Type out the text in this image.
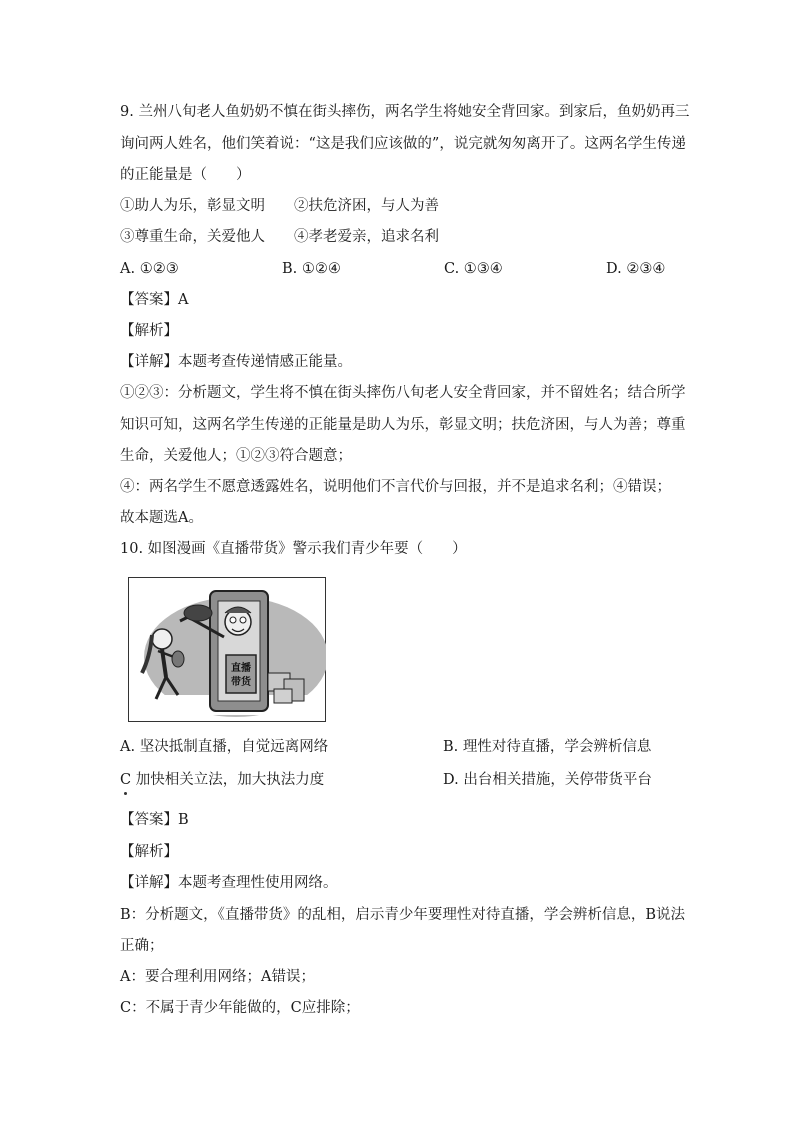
9. 兰州八旬老人鱼奶奶不慎在街头摔伤，两名学生将她安全背回家。到家后，鱼奶奶再三
询问两人姓名，他们笑着说：“这是我们应该做的”，说完就匆匆离开了。这两名学生传递
的正能量是（　　）
①助人为乐，彰显文明 ②扶危济困，与人为善
③尊重生命，关爱他人 ④孝老爱亲，追求名利
A. ①②③	B. ①②④	C. ①③④	D. ②③④
【答案】A
【解析】
【详解】本题考查传递情感正能量。
①②③：分析题文，学生将不慎在街头摔伤八旬老人安全背回家，并不留姓名；结合所学
知识可知，这两名学生传递的正能量是助人为乐，彰显文明；扶危济困，与人为善；尊重
生命，关爱他人；①②③符合题意；
④：两名学生不愿意透露姓名，说明他们不言代价与回报，并不是追求名利；④错误；
故本题选A。
10. 如图漫画《直播带货》警示我们青少年要（　　）
直播
带货
A. 坚决抵制直播，自觉远离网络	B. 理性对待直播，学会辨析信息
C 加快相关立法，加大执法力度	D. 出台相关措施，关停带货平台
【答案】B
【解析】
【详解】本题考查理性使用网络。
B：分析题文，《直播带货》的乱相，启示青少年要理性对待直播，学会辨析信息，B说法
正确；
A：要合理利用网络；A错误；
C：不属于青少年能做的，C应排除；
